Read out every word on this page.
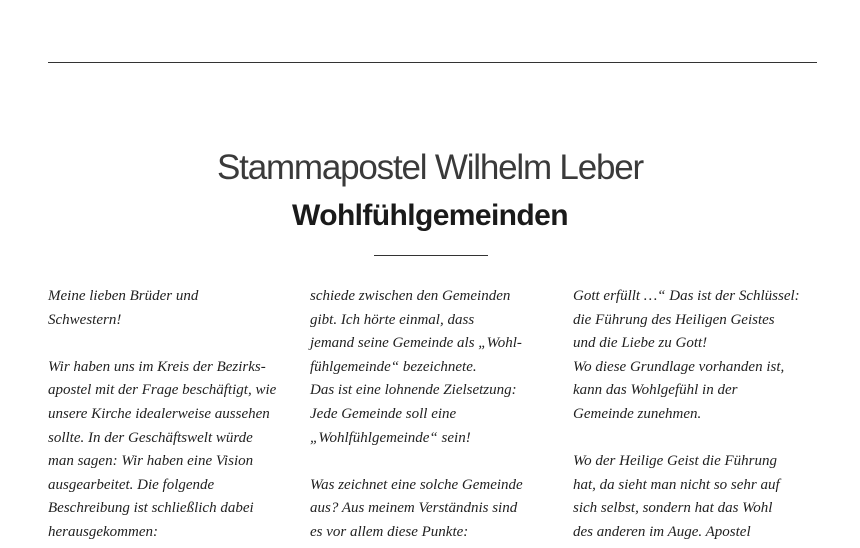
Stammapostel Wilhelm Leber
Wohlfühlgemeinden
Meine lieben Brüder und
Schwestern!
Wir haben uns im Kreis der Bezirks-
apostel mit der Frage beschäftigt, wie
unsere Kirche idealerweise aussehen
sollte. In der Geschäftswelt würde
man sagen: Wir haben eine Vision
ausgearbeitet. Die folgende
Beschreibung ist schließlich dabei
herausgekommen:
schiede zwischen den Gemeinden
gibt. Ich hörte einmal, dass
jemand seine Gemeinde als „Wohl-
fühlgemeinde“ bezeichnete.
Das ist eine lohnende Zielsetzung:
Jede Gemeinde soll eine
„Wohlfühlgemeinde“ sein!
Was zeichnet eine solche Gemeinde
aus? Aus meinem Verständnis sind
es vor allem diese Punkte:
Gott erfüllt …“ Das ist der Schlüssel:
die Führung des Heiligen Geistes
und die Liebe zu Gott!
Wo diese Grundlage vorhanden ist,
kann das Wohlgefühl in der
Gemeinde zunehmen.
Wo der Heilige Geist die Führung
hat, da sieht man nicht so sehr auf
sich selbst, sondern hat das Wohl
des anderen im Auge. Apostel
